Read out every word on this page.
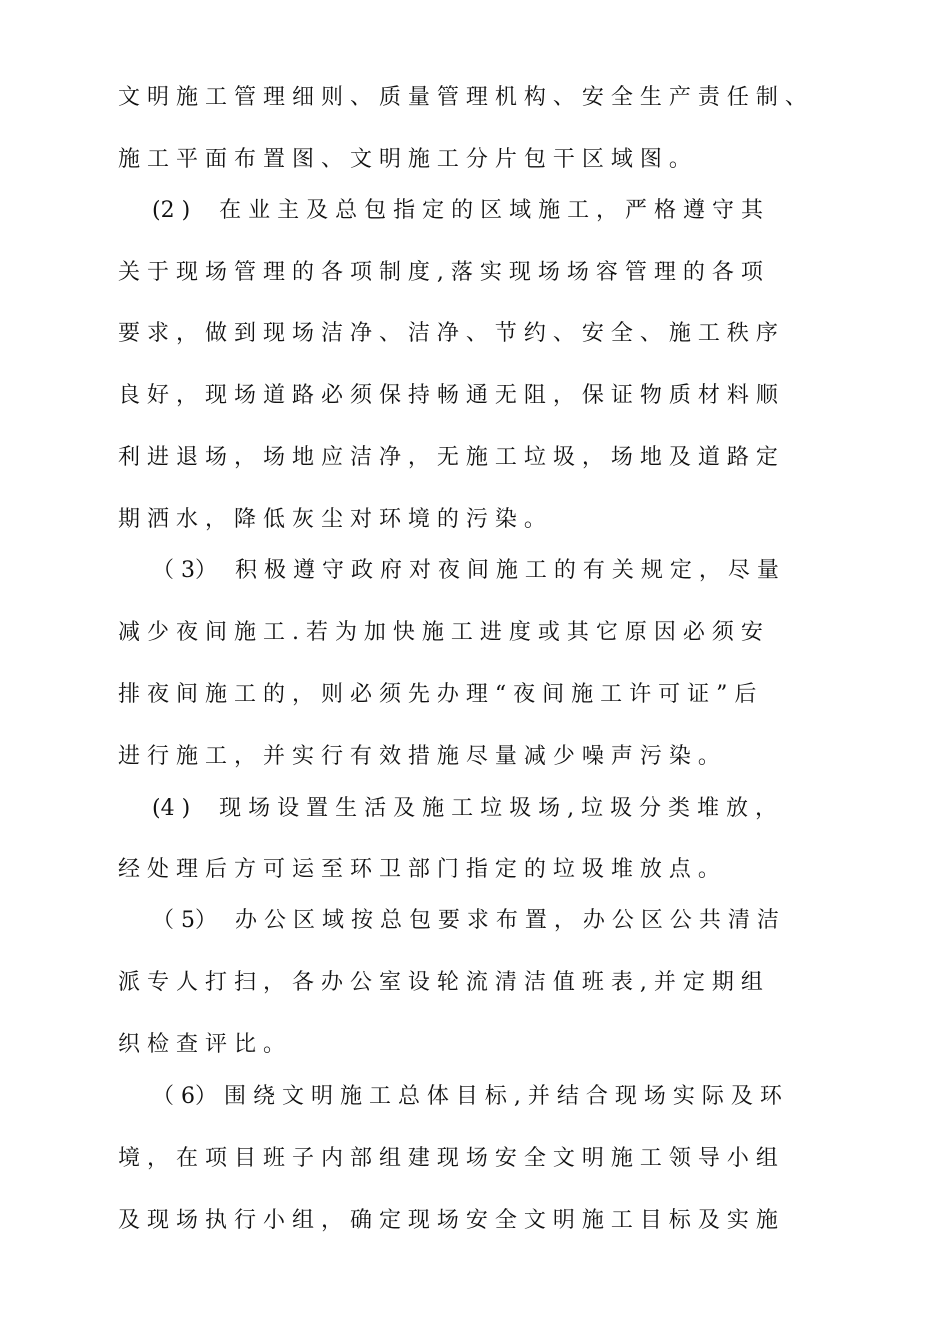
文 明 施 工 管 理 细 则 、 质 量 管 理 机 构 、 安 全 生 产 责 任 制 、
施 工 平 面 布 置 图 、 文 明 施 工 分 片 包 干 区 域 图 。
(2 )　 在 业 主 及 总 包 指 定 的 区 域 施 工 ， 严 格 遵 守 其
关 于 现 场 管 理 的 各 项 制 度 , 落 实 现 场 场 容 管 理 的 各 项
要 求 ， 做 到 现 场 洁 净 、 洁 净 、 节 约 、 安 全 、 施 工 秩 序
良 好 ， 现 场 道 路 必 须 保 持 畅 通 无 阻 ， 保 证 物 质 材 料 顺
利 进 退 场 ， 场 地 应 洁 净 ， 无 施 工 垃 圾 ， 场 地 及 道 路 定
期 洒 水 ， 降 低 灰 尘 对 环 境 的 污 染 。
（ 3）　 积 极 遵 守 政 府 对 夜 间 施 工 的 有 关 规 定 ， 尽 量
减 少 夜 间 施 工 . 若 为 加 快 施 工 进 度 或 其 它 原 因 必 须 安
排 夜 间 施 工 的 ， 则 必 须 先 办 理 “ 夜 间 施 工 许 可 证 ” 后
进 行 施 工 ， 并 实 行 有 效 措 施 尽 量 减 少 噪 声 污 染 。
(4 )　 现 场 设 置 生 活 及 施 工 垃 圾 场 , 垃 圾 分 类 堆 放 ，
经 处 理 后 方 可 运 至 环 卫 部 门 指 定 的 垃 圾 堆 放 点 。
（ 5）　 办 公 区 域 按 总 包 要 求 布 置 ， 办 公 区 公 共 清 洁
派 专 人 打 扫 ， 各 办 公 室 设 轮 流 清 洁 值 班 表 , 并 定 期 组
织 检 查 评 比 。
（ 6） 围 绕 文 明 施 工 总 体 目 标 , 并 结 合 现 场 实 际 及 环
境 ， 在 项 目 班 子 内 部 组 建 现 场 安 全 文 明 施 工 领 导 小 组
及 现 场 执 行 小 组 ， 确 定 现 场 安 全 文 明 施 工 目 标 及 实 施
